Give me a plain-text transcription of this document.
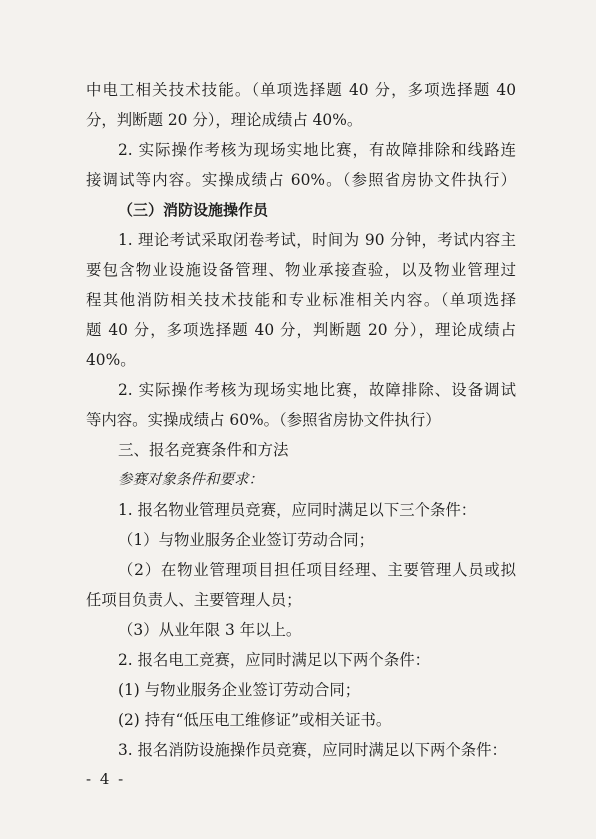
中电工相关技术技能。（单项选择题 40 分，多项选择题 40
分，判断题 20 分），理论成绩占 40%。
2. 实际操作考核为现场实地比赛，有故障排除和线路连
接调试等内容。实操成绩占 60%。（参照省房协文件执行）
（三）消防设施操作员
1. 理论考试采取闭卷考试，时间为 90 分钟，考试内容主
要包含物业设施设备管理、物业承接查验，以及物业管理过
程其他消防相关技术技能和专业标准相关内容。（单项选择
题 40 分，多项选择题 40 分，判断题 20 分），理论成绩占
40%。
2. 实际操作考核为现场实地比赛，故障排除、设备调试
等内容。实操成绩占 60%。（参照省房协文件执行）
三、报名竞赛条件和方法
参赛对象条件和要求：
1. 报名物业管理员竞赛，应同时满足以下三个条件：
（1）与物业服务企业签订劳动合同；
（2）在物业管理项目担任项目经理、主要管理人员或拟
任项目负责人、主要管理人员；
（3）从业年限 3 年以上。
2. 报名电工竞赛，应同时满足以下两个条件：
(1) 与物业服务企业签订劳动合同；
(2) 持有“低压电工维修证”或相关证书。
3. 报名消防设施操作员竞赛，应同时满足以下两个条件：
- 4 -
